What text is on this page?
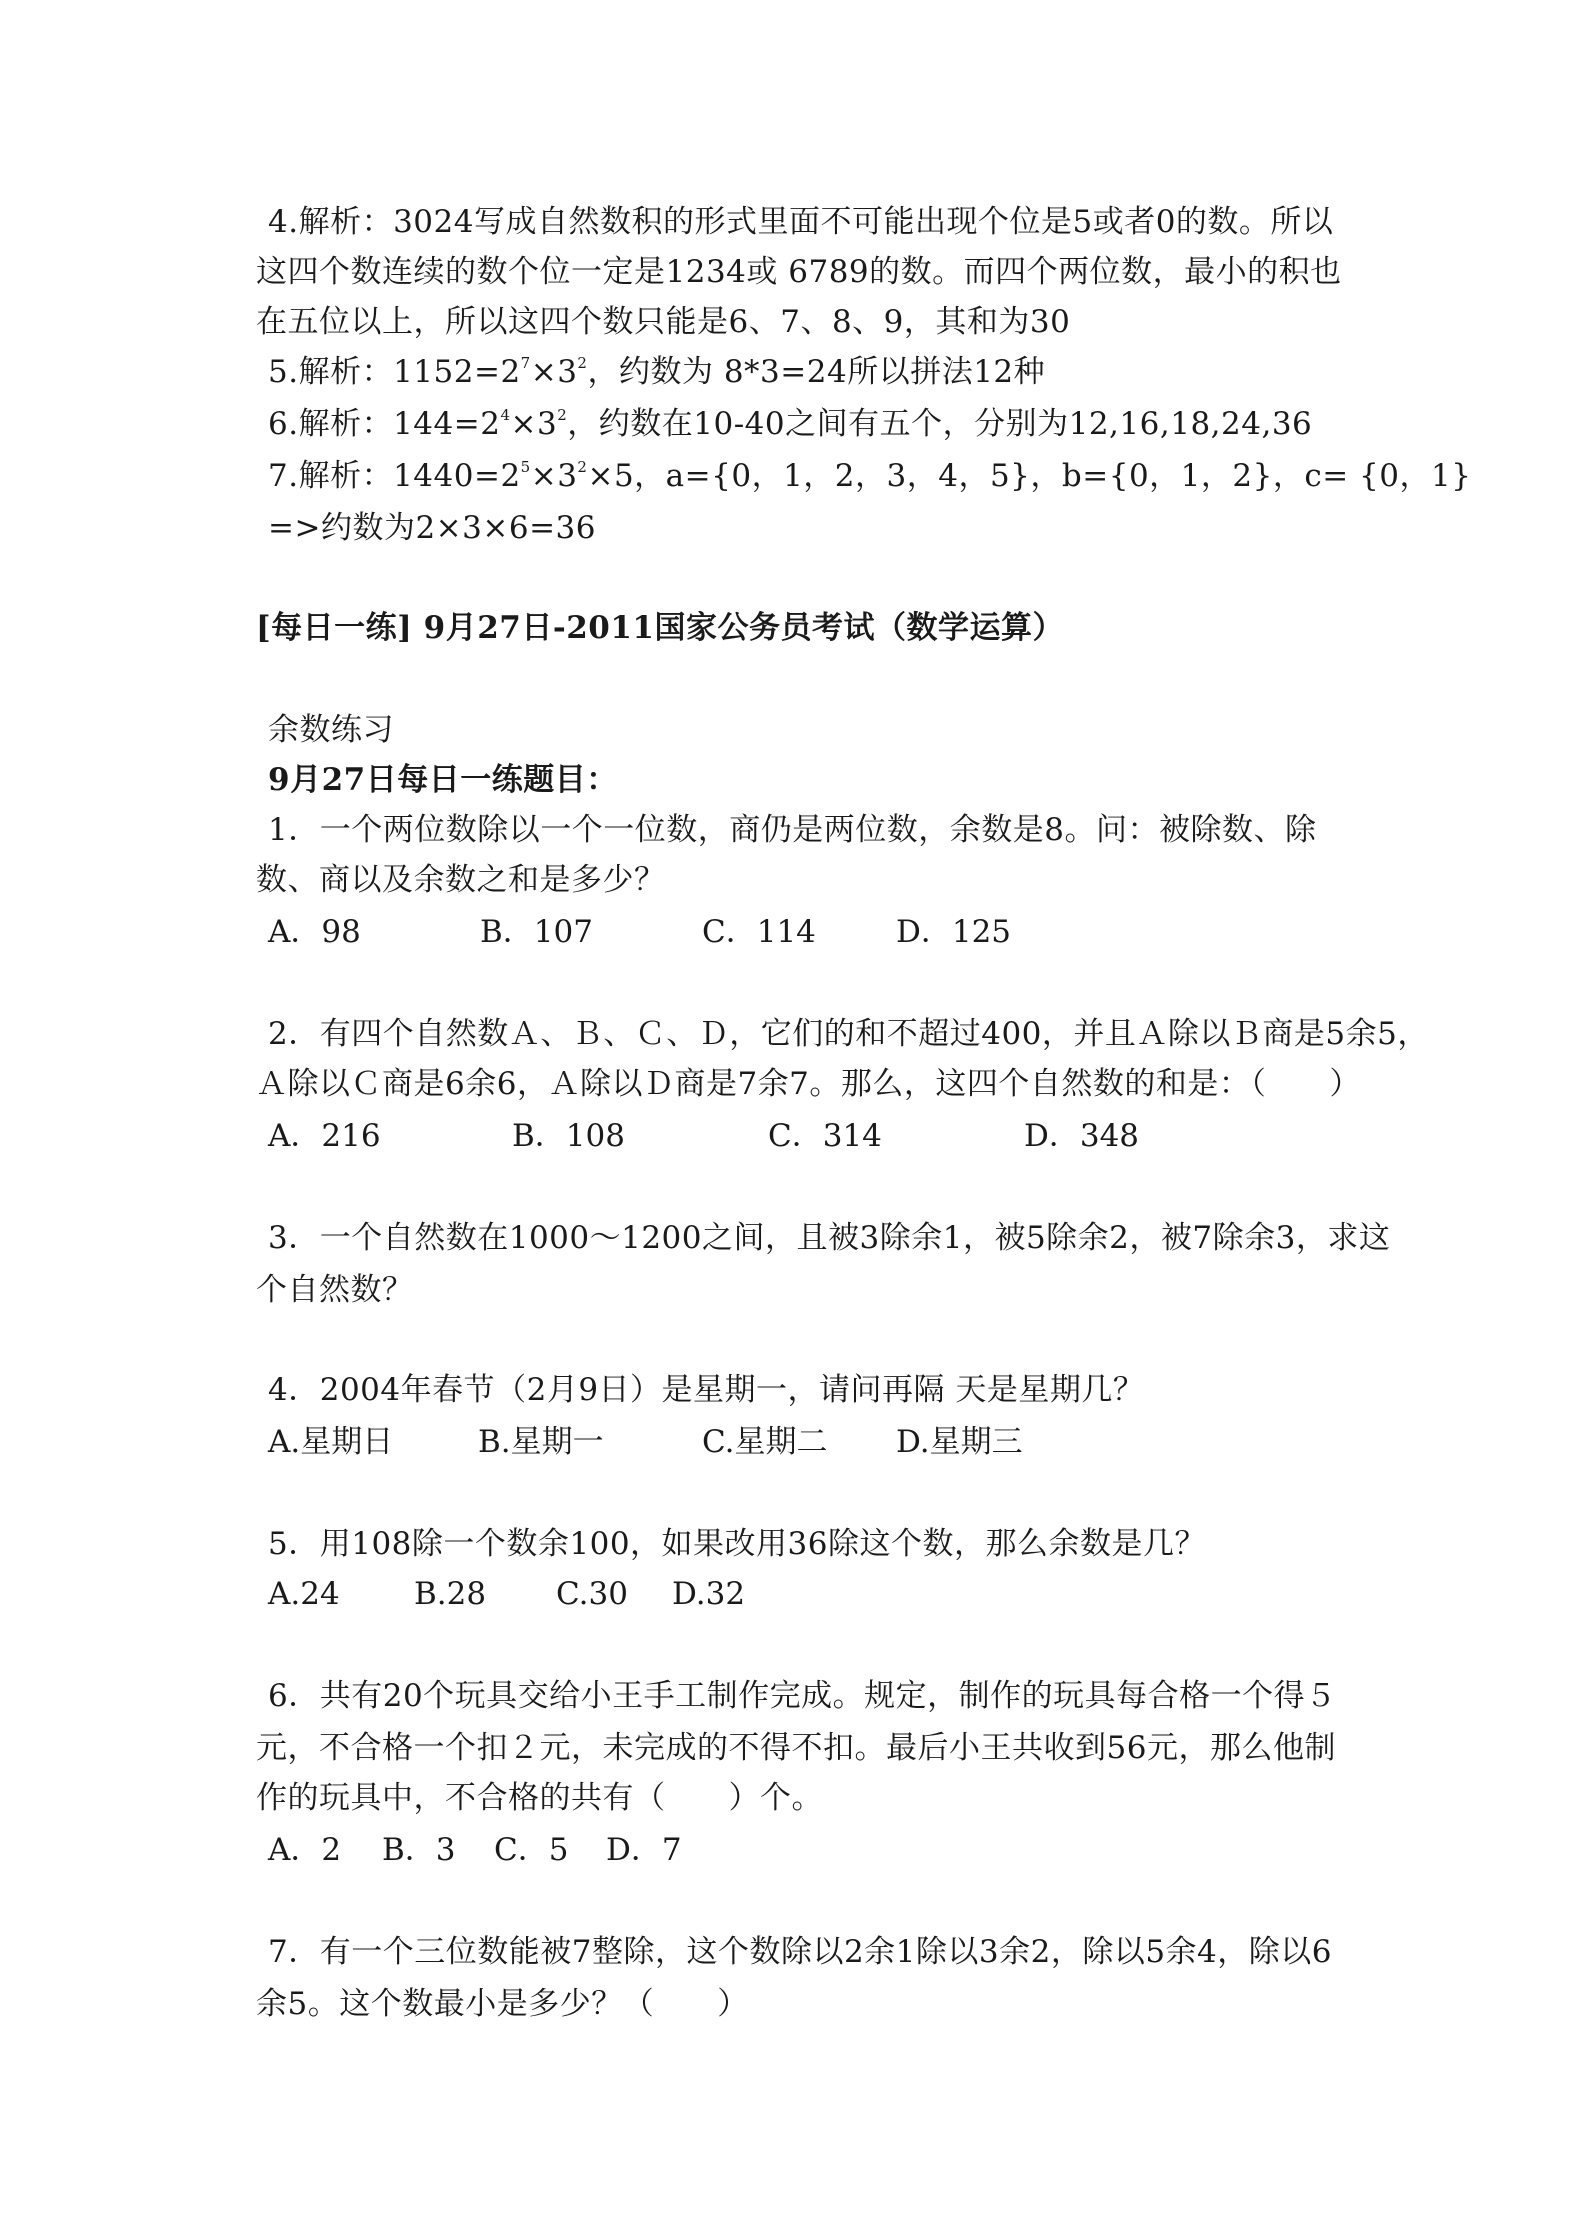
4.解析：3024写成自然数积的形式里面不可能出现个位是5或者0的数。所以
这四个数连续的数个位一定是1234或 6789的数。而四个两位数，最小的积也
在五位以上，所以这四个数只能是6、7、8、9，其和为30
5.解析：$1152=2^7\times 3^2$，约数为 8*3=24所以拼法12种
6.解析：$144=2^4\times 3^2$，约数在10-40之间有五个，分别为12,16,18,24,36
7.解析：$1440=2^5\times 3^2\times 5$，a={0，1，2，3，4，5}，b={0，1，2}，c= {0，1}
=>约数为2×3×6=36
[每日一练] 9月27日-2011国家公务员考试（数学运算）
余数练习
9月27日每日一练题目：
1．一个两位数除以一个一位数，商仍是两位数，余数是8。问：被除数、除
数、商以及余数之和是多少？
A．98	B．107	C．114	D．125
2．有四个自然数Ａ、Ｂ、Ｃ、Ｄ，它们的和不超过400，并且Ａ除以Ｂ商是5余5，
Ａ除以Ｃ商是6余6，Ａ除以Ｄ商是7余7。那么，这四个自然数的和是：（　　）
A．216	B．108	C．314	D．348
3．一个自然数在1000～1200之间，且被3除余1，被5除余2，被7除余3，求这
个自然数？
4．2004年春节（2月9日）是星期一，请问再隔 天是星期几？
A.星期日	B.星期一	C.星期二 D.星期三
5．用108除一个数余100，如果改用36除这个数，那么余数是几？
A.24 B.28 C.30 D.32
6．共有20个玩具交给小王手工制作完成。规定，制作的玩具每合格一个得５
元，不合格一个扣２元，未完成的不得不扣。最后小王共收到56元，那么他制
作的玩具中，不合格的共有（　　）个。
A．2 B．3 C．5 D．7
7．有一个三位数能被7整除，这个数除以2余1除以3余2，除以5余4，除以6
余5。这个数最小是多少？（　　）
